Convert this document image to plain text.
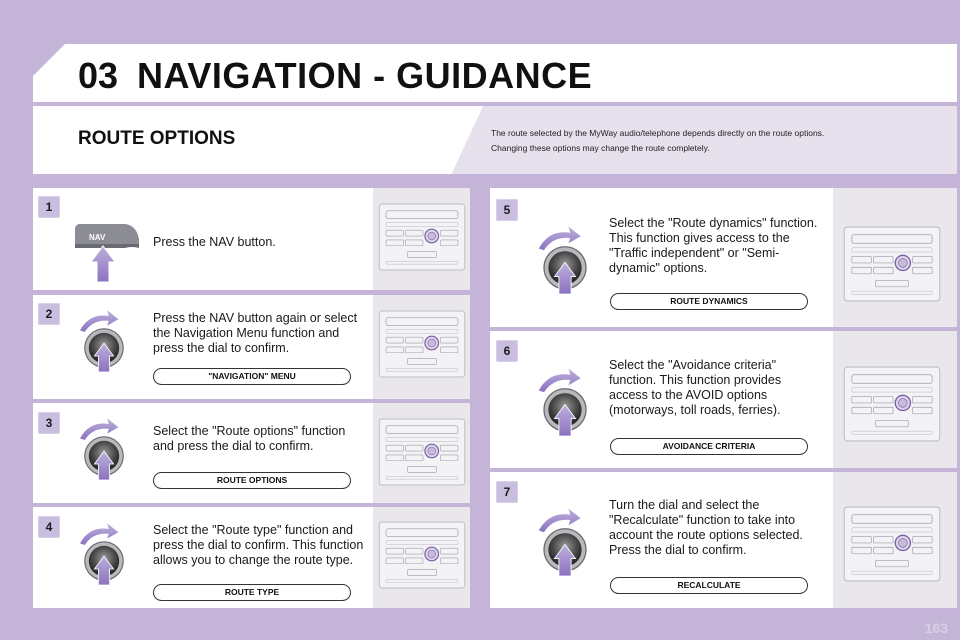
03 NAVIGATION - GUIDANCE
ROUTE OPTIONS	The route selected by the MyWay audio/telephone depends directly on the route options.
Changing these options may change the route completely.
1
NAV	Press the NAV button.
2	Press the NAV button again or select
the Navigation Menu function and
press the dial to confirm.
"NAVIGATION" MENU
3
Select the "Route options" function
and press the dial to confirm.
ROUTE OPTIONS
4	Select the "Route type" function and
press the dial to confirm. This function
allows you to change the route type.
ROUTE TYPE
5
Select the "Route dynamics" function.
This function gives access to the
"Traffic independent" or "Semi-
dynamic" options.
ROUTE DYNAMICS
6
Select the "Avoidance criteria"
function. This function provides
access to the AVOID options
(motorways, toll roads, ferries).
AVOIDANCE CRITERIA
7
Turn the dial and select the
"Recalculate" function to take into
account the route options selected.
Press the dial to confirm.
RECALCULATE
163
